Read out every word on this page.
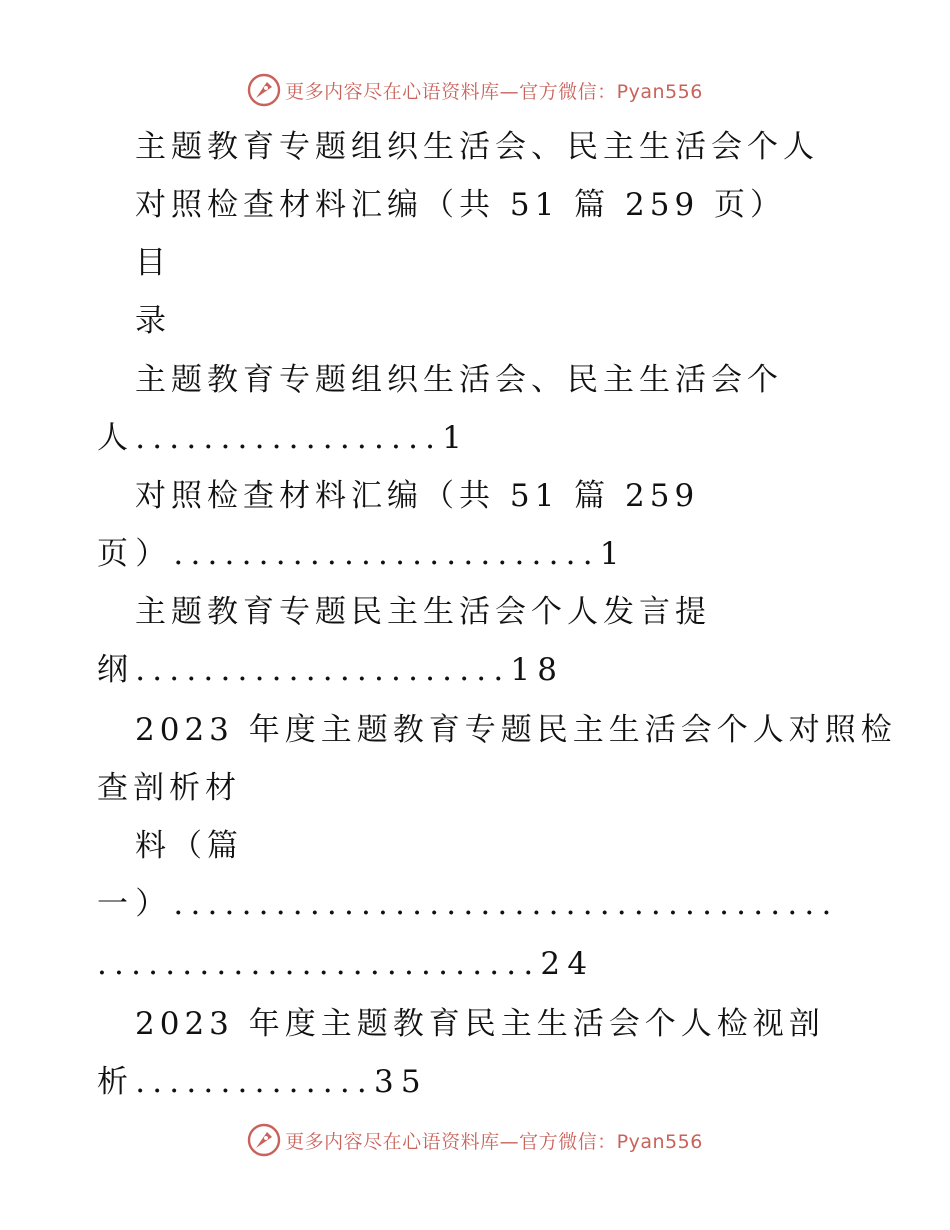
更多内容尽在心语资料库—官方微信：Pyan556
主题教育专题组织生活会、民主生活会个人
对照检查材料汇编（共 51 篇 259 页）
目
录
主题教育专题组织生活会、民主生活会个
人..................1
对照检查材料汇编（共 51 篇 259
页）.........................1
主题教育专题民主生活会个人发言提
纲......................18
2023 年度主题教育专题民主生活会个人对照检
查剖析材
料（篇
一）.......................................
..........................24
2023 年度主题教育民主生活会个人检视剖
析..............35
更多内容尽在心语资料库—官方微信：Pyan556
